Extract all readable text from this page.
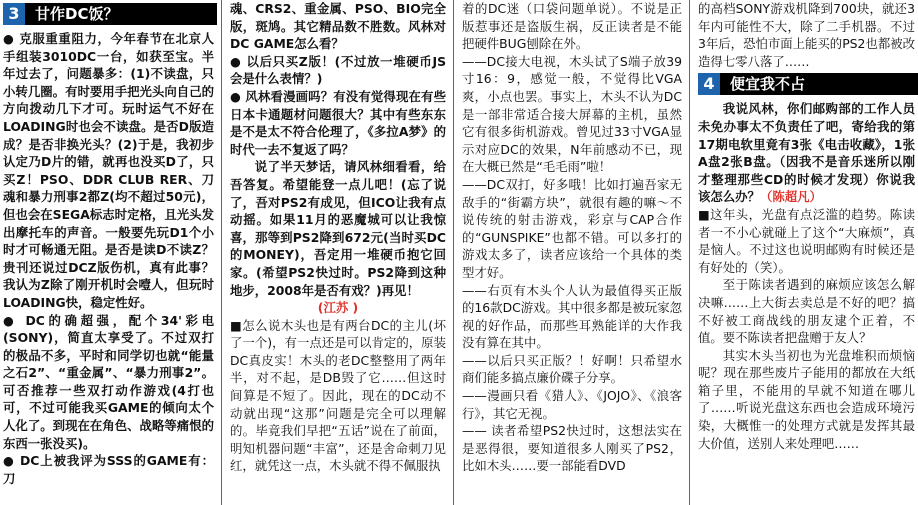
3	甘作DC饭？

● 克服重重阻力，今年春节在北京人手组装3010DC一台，如获至宝。半年过去了，问题暴多：(1)不读盘，只小转几圈。有时要用手把光头向自己的方向拨动几下才可。玩时运气不好在LOADING时也会不读盘。是否D版造成？是否非换光头？(2)于是，我初步认定乃D片的错，就再也没买D了，只买Z！PSO、DDR CLUB RER、刀魂和暴力刑事2都Z(均不超过50元)，但也会在SEGA标志时定格，且光头发出摩托车的声音。一般要先玩D1个小时才可畅通无阻。是否是读D不读Z？贵刊还说过DCZ版伤机，真有此事？我认为Z除了刚开机时会噎人，但玩时LOADING快，稳定性好。

● DC的确超强，配个34'彩电(SONY)，简直太享受了。不过双打的极品不多，平时和同学切也就“能量之石2”、“重金属”、“暴力刑事2”。可否推荐一些双打动作游戏(4打也可，不过可能我买GAME的倾向太个人化了。到现在在角色、战略等痛恨的东西一张没买)。

● DC上被我评为SSS的GAME有：刀

魂、CRS2、重金属、PSO、BIO完全版，斑鸠。其它精品数不胜数。风林对DC GAME怎么看？

● 以后只买Z版！(不过放一堆硬币JS会是什么表情？)

● 风林看漫画吗？有没有觉得现在有些日本卡通题材问题很大？其中有些东东是不是太不符合伦理了，《多拉A梦》的时代一去不复返了吗？

说了半天梦话，请风林细看看，给吾答复。希望能登一点儿吧！(忘了说了，吾对PS2有成见，但ICO让我有点动摇。如果11月的恶魔城可以让我惊喜，那等到PS2降到672元(当时买DC的MONEY)，吾定用一堆硬币抱它回家。(希望PS2快过时。PS2降到这种地步，2008年是否有戏？)再见！

(江苏 )

■怎么说木头也是有两台DC的主儿(坏了一个)，有一点还是可以肯定的，原装DC真皮实！木头的老DC整整用了两年半，对不起，是DB毁了它……但这时间算是不短了。因此，现在的DC动不动就出现“这那”问题是完全可以理解的。毕竟我们早把“五话”说在了前面，明知机器问题“丰富”，还是舍命刺刀见红，就凭这一点，木头就不得不佩服执

着的DC迷（口袋问题单说）。不说是正版惹事还是盗版生祸，反正读者是不能把硬件BUG刨除在外。

——DC接大电视，木头试了S端子放39寸16：9，感觉一般，不觉得比VGA爽，小点也罢。事实上，木头不认为DC是一部非常适合接大屏幕的主机，虽然它有很多街机游戏。曾见过33寸VGA显示对应DC的效果，N年前感动不已，现在大概已然是“毛毛雨”啦！

——DC双打，好多哦！比如打遍吾家无敌手的“街霸方块”，就很有趣的嘛～不说传统的射击游戏，彩京与CAP合作的“GUNSPIKE”也都不错。可以多打的游戏太多了，读者应该给一个具体的类型才好。

——右页有木头个人认为最值得买正版的16款DC游戏。其中很多都是被玩家忽视的好作品，而那些耳熟能详的大作我没有算在其中。

——以后只买正版？！好啊！只希望水商们能多搞点廉价碟子分享。

——漫画只看《猎人》、《JOJO》、《浪客行》，其它无视。

—— 读者希望PS2快过时，这想法实在是恶得很，要知道很多人刚买了PS2，比如木头……要一部能看DVD

的高档SONY游戏机降到700块，就还3年内可能性不大，除了二手机器。不过3年后，恐怕市面上能买的PS2也都被改造得七零八落了……

4	便宜我不占

我说风林，你们邮购部的工作人员未免办事太不负责任了吧，寄给我的第17期电软里竟有3张《电击收藏》，1张A盘2张B盘。（因我不是音乐迷所以刚才整理那些CD的时候才发现）你说我该怎么办？（陈超凡）

■这年头，光盘有点泛滥的趋势。陈读者一不小心就碰上了这个“大麻烦”，真是恼人。不过这也说明邮购有时候还是有好处的（笑）。

至于陈读者遇到的麻烦应该怎么解决嘛……上大街去卖总是不好的吧？搞不好被工商战线的朋友逮个正着，不值。要不陈读者把盘赠于友人？

其实木头当初也为光盘堆积而烦恼呢？现在那些废片子能用的都放在大纸箱子里，不能用的早就不知道在哪儿了……听说光盘这东西也会造成环境污染，大概惟一的处理方式就是发挥其最大价值，送别人来处理吧……
